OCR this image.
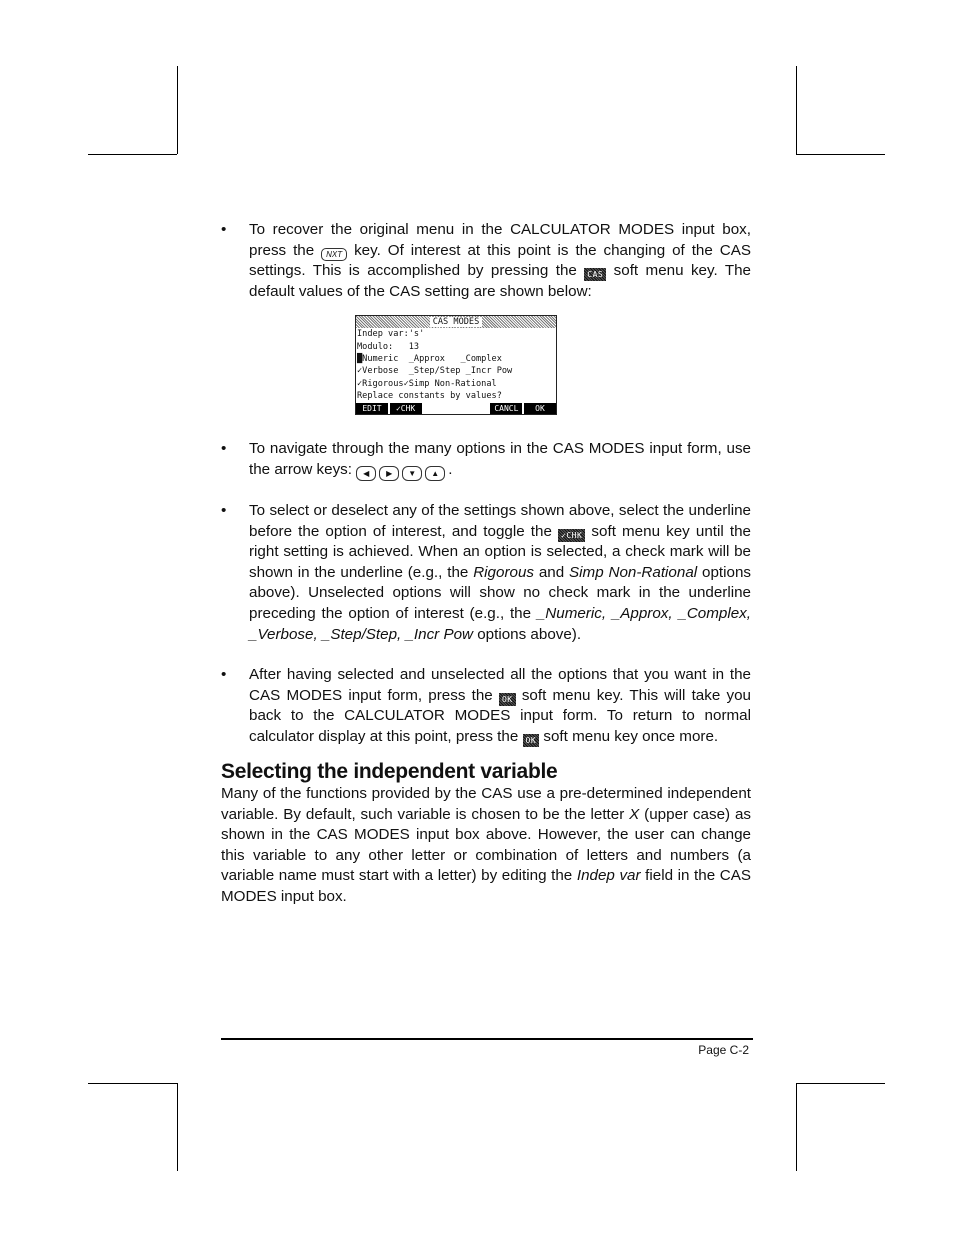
• To recover the original menu in the CALCULATOR MODES input box, press the NXT key. Of interest at this point is the changing of the CAS settings. This is accomplished by pressing the CAS soft menu key. The default values of the CAS setting are shown below:
CAS MODES
Indep var:'s'
Modulo:   13
█Numeric  _Approx   _Complex
✓Verbose  _Step/Step _Incr Pow
✓Rigorous✓Simp Non-Rational
Replace constants by values?
EDIT	✓CHK	CANCL	OK
• To navigate through the many options in the CAS MODES input form, use the arrow keys: ◀ ▶ ▼ ▲ .
• To select or deselect any of the settings shown above, select the underline before the option of interest, and toggle the ✓CHK soft menu key until the right setting is achieved. When an option is selected, a check mark will be shown in the underline (e.g., the Rigorous and Simp Non-Rational options above). Unselected options will show no check mark in the underline preceding the option of interest (e.g., the _Numeric, _Approx, _Complex, _Verbose, _Step/Step, _Incr Pow options above).
• After having selected and unselected all the options that you want in the CAS MODES input form, press the OK soft menu key. This will take you back to the CALCULATOR MODES input form. To return to normal calculator display at this point, press the OK soft menu key once more.
Selecting the independent variable
Many of the functions provided by the CAS use a pre-determined independent variable. By default, such variable is chosen to be the letter X (upper case) as shown in the CAS MODES input box above. However, the user can change this variable to any other letter or combination of letters and numbers (a variable name must start with a letter) by editing the Indep var field in the CAS MODES input box.
Page C-2
